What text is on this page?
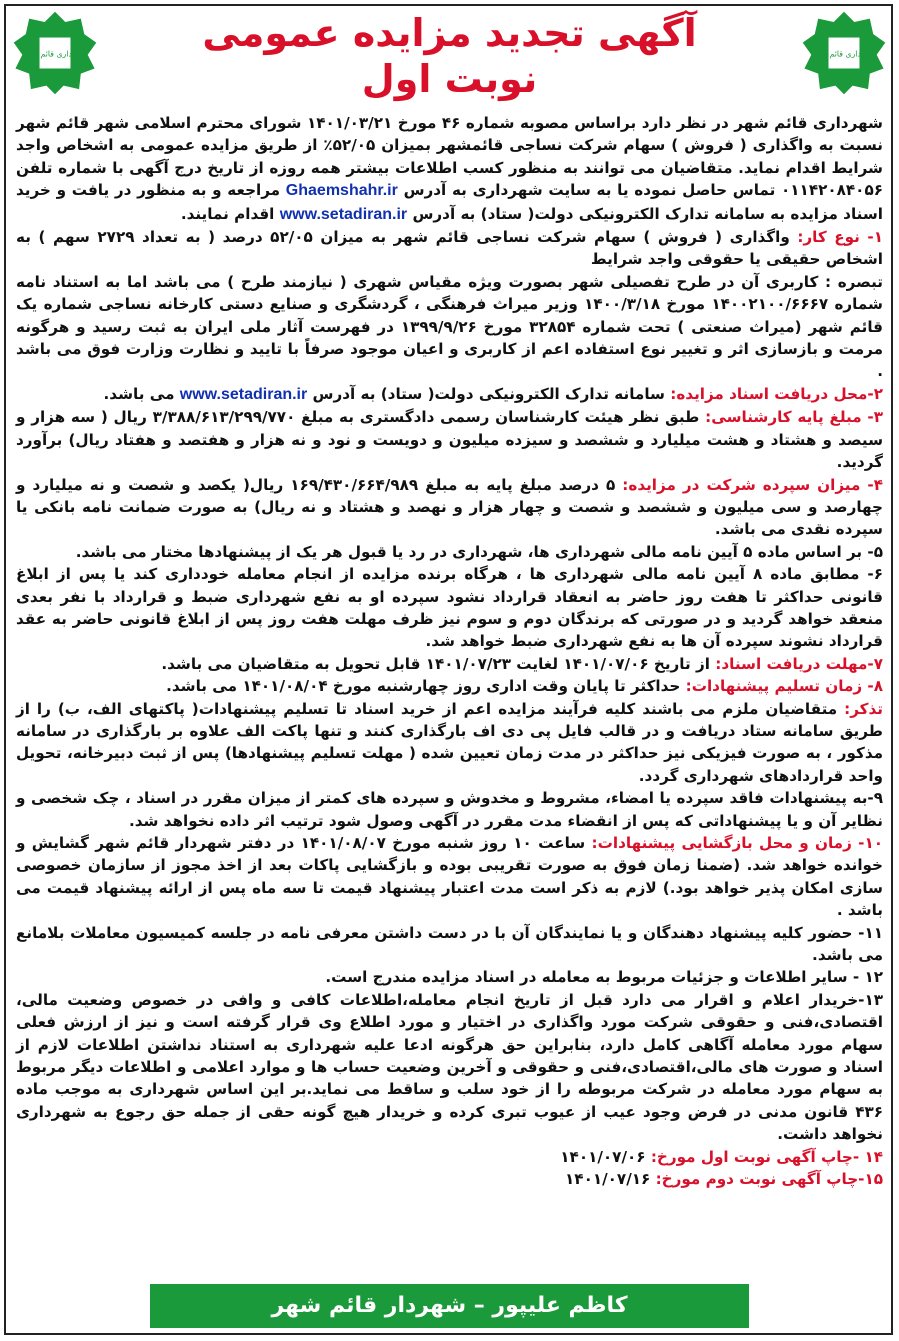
شهرداری قائم شهر
شهرداری قائم شهر	آگهی تجدید مزایده عمومی
نوبت اول

شهرداری قائم شهر در نظر دارد براساس مصوبه شماره ۴۶ مورخ ۱۴۰۱/۰۳/۲۱ شورای محترم اسلامی شهر قائم شهر نسبت به واگذاری ( فروش ) سهام شرکت نساجی قائمشهر بمیزان ۵۲/۰۵٪ از طریق مزایده عمومی به اشخاص واجد شرایط اقدام نماید. متقاضیان می توانند به منظور کسب اطلاعات بیشتر همه روزه از تاریخ درج آگهی با شماره تلفن ۰۱۱۴۲۰۸۴۰۵۶ تماس حاصل نموده یا به سایت شهرداری به آدرس Ghaemshahr.ir مراجعه و به منظور در یافت و خرید اسناد مزایده به سامانه تدارک الکترونیکی دولت( ستاد) به آدرس www.setadiran.ir اقدام نمایند.

۱- نوع کار: واگذاری ( فروش ) سهام شرکت نساجی قائم شهر به میزان ۵۲/۰۵ درصد ( به تعداد ۲۷۲۹ سهم ) به اشخاص حقیقی یا حقوقی واجد شرایط

تبصره : کاربری آن در طرح تفصیلی شهر بصورت ویژه مقیاس شهری ( نیازمند طرح ) می باشد اما به استناد نامه شماره ۱۴۰۰۲۱۰۰/۶۶۶۷ مورخ ۱۴۰۰/۳/۱۸ وزیر میراث فرهنگی ، گردشگری و صنایع دستی کارخانه نساجی شماره یک قائم شهر (میراث صنعتی ) تحت شماره ۳۲۸۵۴ مورخ ۱۳۹۹/۹/۲۶ در فهرست آثار ملی ایران به ثبت رسید و هرگونه مرمت و بازسازی اثر و تغییر نوع استفاده اعم از کاربری و اعیان موجود صرفاً با تایید و نظارت وزارت فوق می باشد .

۲-محل دریافت اسناد مزایده: سامانه تدارک الکترونیکی دولت( ستاد) به آدرس www.setadiran.ir می باشد.

۳- مبلغ پایه کارشناسی: طبق نظر هیئت کارشناسان رسمی دادگستری به مبلغ ۳/۳۸۸/۶۱۳/۲۹۹/۷۷۰ ریال ( سه هزار و سیصد و هشتاد و هشت میلیارد و ششصد و سیزده میلیون و دویست و نود و نه هزار و هفتصد و هفتاد ریال) برآورد گردید.

۴- میزان سپرده شرکت در مزایده: ۵ درصد مبلغ پایه به مبلغ ۱۶۹/۴۳۰/۶۶۴/۹۸۹ ریال( یکصد و شصت و نه میلیارد و چهارصد و سی میلیون و ششصد و شصت و چهار هزار و نهصد و هشتاد و نه ریال) به صورت ضمانت نامه بانکی یا سپرده نقدی می باشد.

۵- بر اساس ماده ۵ آیین نامه مالی شهرداری ها، شهرداری در رد یا قبول هر یک از پیشنهادها مختار می باشد.

۶- مطابق ماده ۸ آیین نامه مالی شهرداری ها ، هرگاه برنده مزایده از انجام معامله خودداری کند یا پس از ابلاغ قانونی حداکثر تا هفت روز حاضر به انعقاد قرارداد نشود سپرده او به نفع شهرداری ضبط و قرارداد با نفر بعدی منعقد خواهد گردید و در صورتی که برندگان دوم و سوم نیز ظرف مهلت هفت روز پس از ابلاغ قانونی حاضر به عقد قرارداد نشوند سپرده آن ها به نفع شهرداری ضبط خواهد شد.

۷-مهلت دریافت اسناد: از تاریخ ۱۴۰۱/۰۷/۰۶ لغایت ۱۴۰۱/۰۷/۲۳ قابل تحویل به متقاضیان می باشد.

۸- زمان تسلیم پیشنهادات: حداکثر تا پایان وقت اداری روز چهارشنبه مورخ ۱۴۰۱/۰۸/۰۴ می باشد.

تذکر: متقاضیان ملزم می باشند کلیه فرآیند مزایده اعم از خرید اسناد تا تسلیم پیشنهادات( پاکتهای الف، ب) را از طریق سامانه ستاد دریافت و در قالب فایل پی دی اف بارگذاری کنند و تنها پاکت الف علاوه بر بارگذاری در سامانه مذکور ، به صورت فیزیکی نیز حداکثر در مدت زمان تعیین شده ( مهلت تسلیم پیشنهادها) پس از ثبت دبیرخانه، تحویل واحد قراردادهای شهرداری گردد.

۹-به پیشنهادات فاقد سپرده یا امضاء، مشروط و مخدوش و سپرده های کمتر از میزان مقرر در اسناد ، چک شخصی و نظایر آن و یا پیشنهاداتی که پس از انقضاء مدت مقرر در آگهی وصول شود ترتیب اثر داده نخواهد شد.

۱۰- زمان و محل بازگشایی پیشنهادات: ساعت ۱۰ روز شنبه مورخ ۱۴۰۱/۰۸/۰۷ در دفتر شهردار قائم شهر گشایش و خوانده خواهد شد. (ضمنا زمان فوق به صورت تقریبی بوده و بازگشایی پاکات بعد از اخذ مجوز از سازمان خصوصی سازی امکان پذیر خواهد بود.) لازم به ذکر است مدت اعتبار پیشنهاد قیمت تا سه ماه پس از ارائه پیشنهاد قیمت می باشد .

۱۱- حضور کلیه پیشنهاد دهندگان و یا نمایندگان آن با در دست داشتن معرفی نامه در جلسه کمیسیون معاملات بلامانع می باشد.

۱۲ - سایر اطلاعات و جزئیات مربوط به معامله در اسناد مزایده مندرج است.

۱۳-خریدار اعلام و اقرار می دارد قبل از تاریخ انجام معامله،اطلاعات کافی و وافی در خصوص وضعیت مالی، اقتصادی،فنی و حقوقی شرکت مورد واگذاری در اختیار و مورد اطلاع وی قرار گرفته است و نیز از ارزش فعلی سهام مورد معامله آگاهی کامل دارد، بنابراین حق هرگونه ادعا علیه شهرداری به استناد نداشتن اطلاعات لازم از اسناد و صورت های مالی،اقتصادی،فنی و حقوقی و آخرین وضعیت حساب ها و موارد اعلامی و اطلاعات دیگر مربوط به سهام مورد معامله در شرکت مربوطه را از خود سلب و ساقط می نماید.بر این اساس شهرداری به موجب ماده ۴۳۶ قانون مدنی در فرض وجود عیب از عیوب تبری کرده و خریدار هیچ گونه حقی از جمله حق رجوع به شهرداری نخواهد داشت.

۱۴ -چاپ آگهی نوبت اول مورخ: ۱۴۰۱/۰۷/۰۶

۱۵-چاپ آگهی نوبت دوم مورخ: ۱۴۰۱/۰۷/۱۶

کاظم علیپور – شهردار قائم شهر
